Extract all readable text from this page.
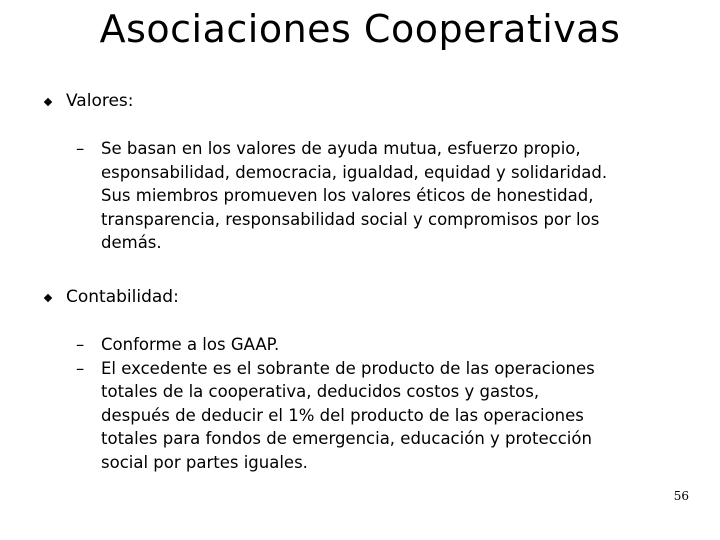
Asociaciones Cooperativas
Valores:
–	Se basan en los valores de ayuda mutua, esfuerzo propio,
esponsabilidad, democracia, igualdad, equidad y solidaridad.
Sus miembros promueven los valores éticos de honestidad,
transparencia, responsabilidad social y compromisos por los
demás.
Contabilidad:
–	Conforme a los GAAP.
–	El excedente es el sobrante de producto de las operaciones
totales de la cooperativa, deducidos costos y gastos,
después de deducir el 1% del producto de las operaciones
totales para fondos de emergencia, educación y protección
social por partes iguales.
56
